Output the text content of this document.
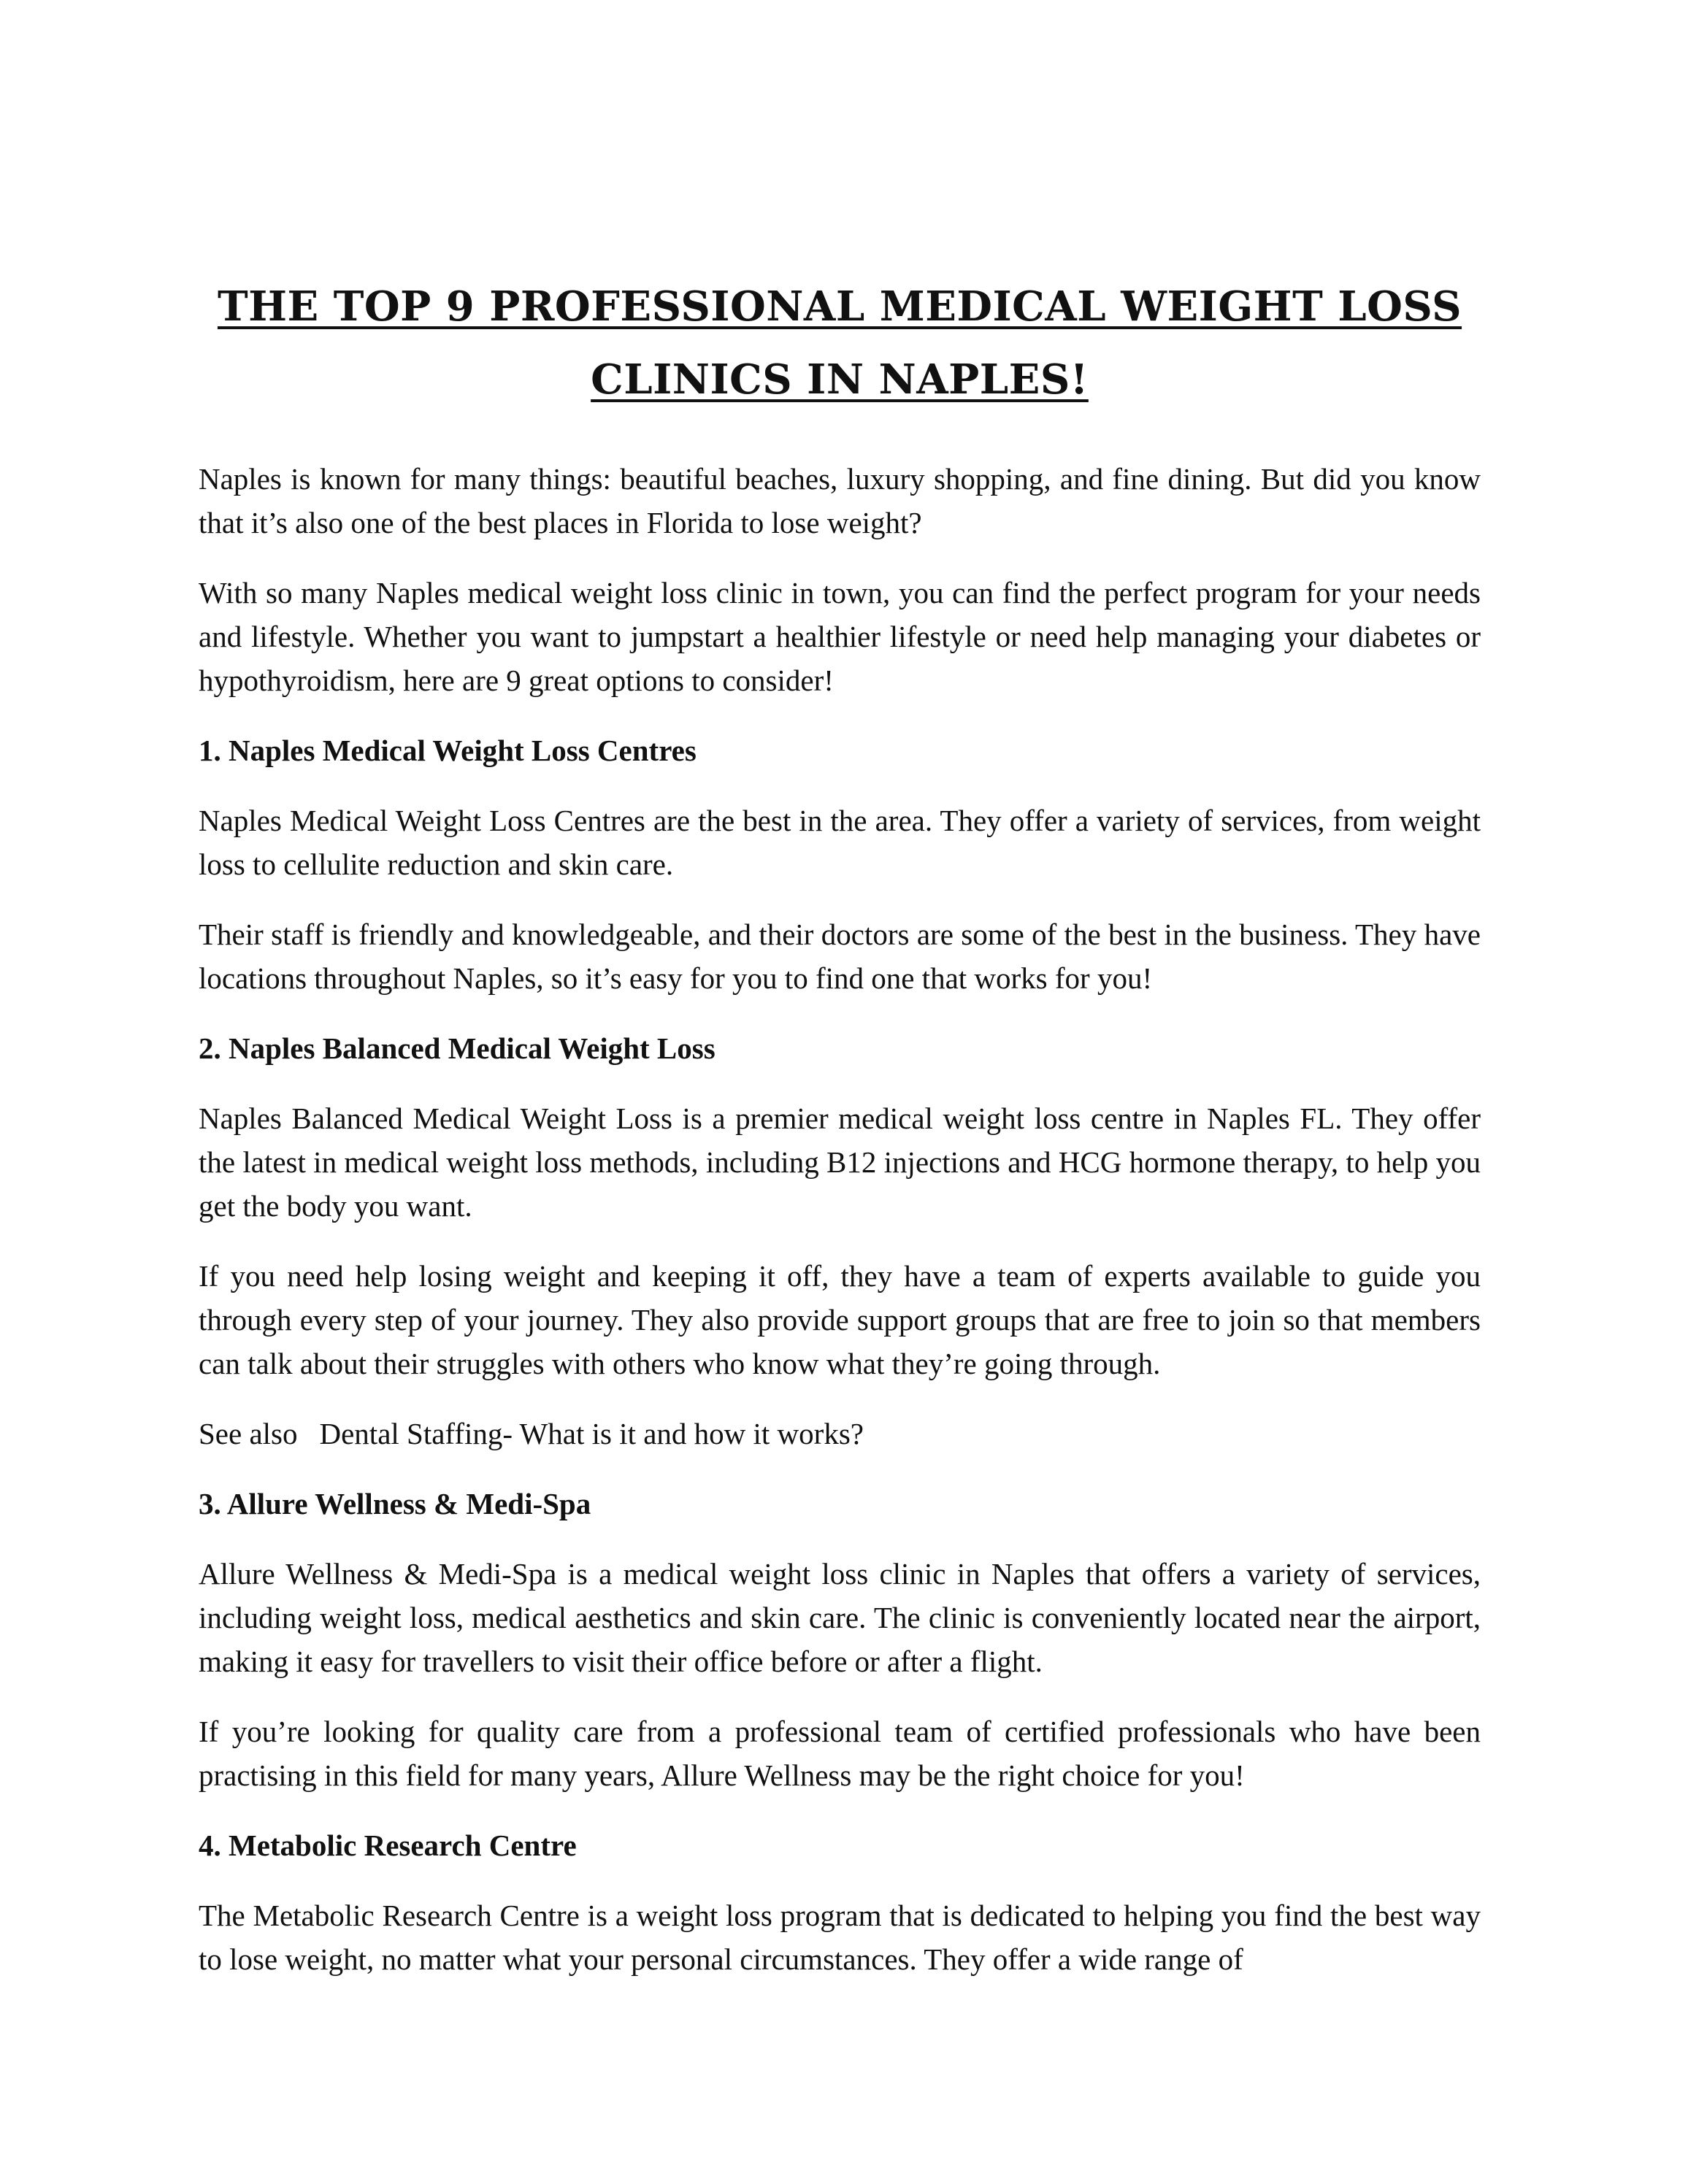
THE TOP 9 PROFESSIONAL MEDICAL WEIGHT LOSS
CLINICS IN NAPLES!

Naples is known for many things: beautiful beaches, luxury shopping, and fine dining. But did you know that it’s also one of the best places in Florida to lose weight?

With so many Naples medical weight loss clinic in town, you can find the perfect program for your needs and lifestyle. Whether you want to jumpstart a healthier lifestyle or need help managing your diabetes or hypothyroidism, here are 9 great options to consider!

1. Naples Medical Weight Loss Centres

Naples Medical Weight Loss Centres are the best in the area. They offer a variety of services, from weight loss to cellulite reduction and skin care.

Their staff is friendly and knowledgeable, and their doctors are some of the best in the business. They have locations throughout Naples, so it’s easy for you to find one that works for you!

2. Naples Balanced Medical Weight Loss

Naples Balanced Medical Weight Loss is a premier medical weight loss centre in Naples FL. They offer the latest in medical weight loss methods, including B12 injections and HCG hormone therapy, to help you get the body you want.

If you need help losing weight and keeping it off, they have a team of experts available to guide you through every step of your journey. They also provide support groups that are free to join so that members can talk about their struggles with others who know what they’re going through.

See also Dental Staffing- What is it and how it works?

3. Allure Wellness & Medi-Spa

Allure Wellness & Medi-Spa is a medical weight loss clinic in Naples that offers a variety of services, including weight loss, medical aesthetics and skin care. The clinic is conveniently located near the airport, making it easy for travellers to visit their office before or after a flight.

If you’re looking for quality care from a professional team of certified professionals who have been practising in this field for many years, Allure Wellness may be the right choice for you!

4. Metabolic Research Centre

The Metabolic Research Centre is a weight loss program that is dedicated to helping you find the best way to lose weight, no matter what your personal circumstances. They offer a wide range of
